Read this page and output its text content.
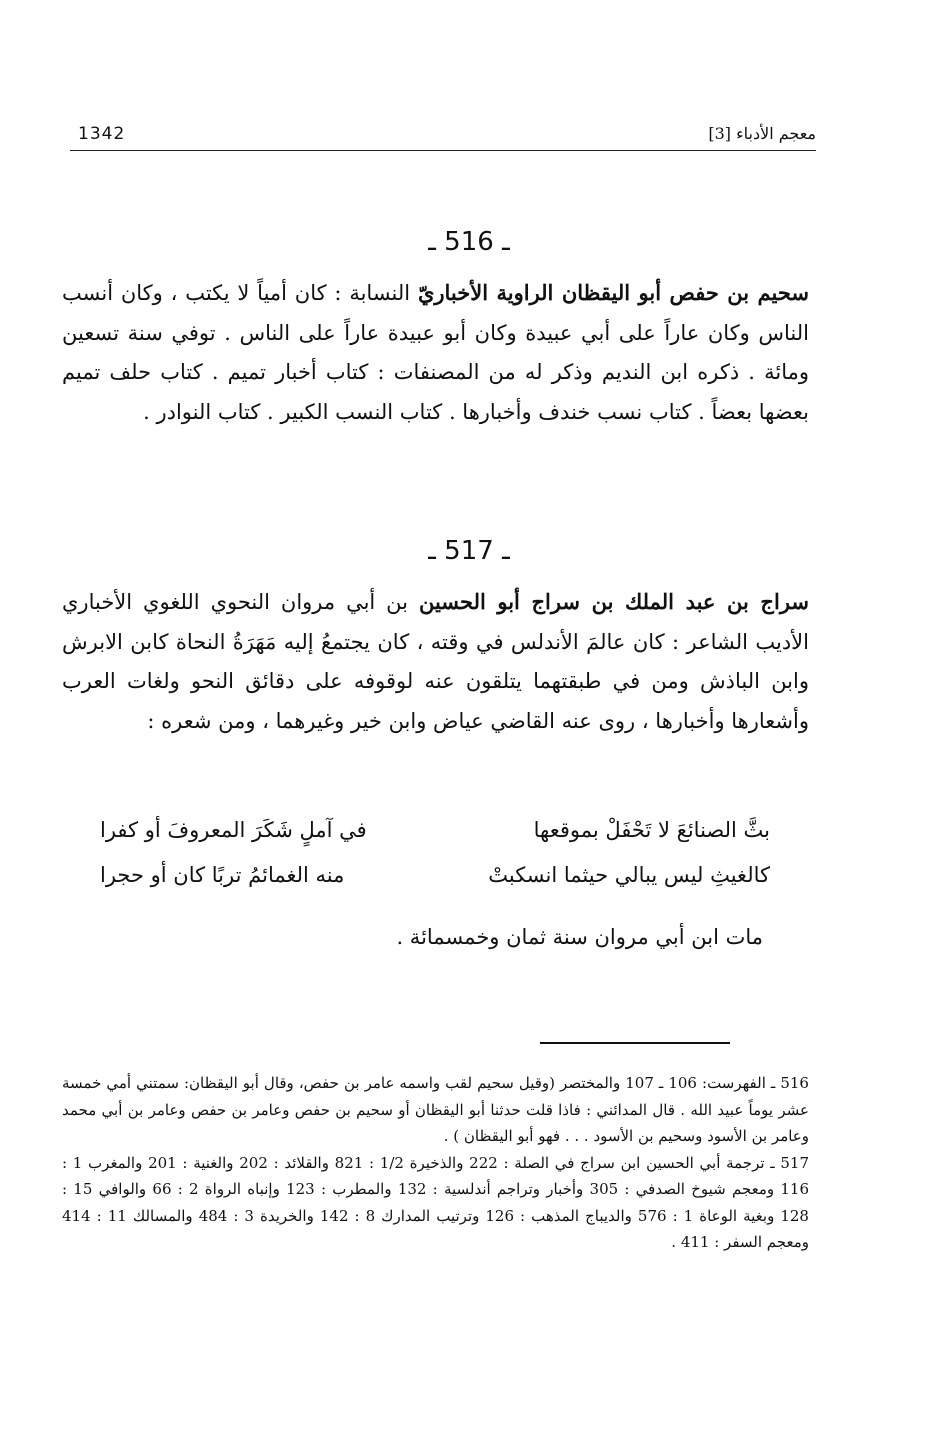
1342	معجم الأدباء [3]
ـ 516 ـ
سحيم بن حفص أبو اليقظان الراوية الأخباريّ النسابة : كان أمياً لا يكتب ، وكان أنسب الناس وكان عاراً على أبي عبيدة وكان أبو عبيدة عاراً على الناس . توفي سنة تسعين ومائة . ذكره ابن النديم وذكر له من المصنفات : كتاب أخبار تميم . كتاب حلف تميم بعضها بعضاً . كتاب نسب خندف وأخبارها . كتاب النسب الكبير . كتاب النوادر .
ـ 517 ـ
سراج بن عبد الملك بن سراج أبو الحسين بن أبي مروان النحوي اللغوي الأخباري الأديب الشاعر : كان عالمَ الأندلس في وقته ، كان يجتمعُ إليه مَهَرَةُ النحاة كابن الابرش وابن الباذش ومن في طبقتهما يتلقون عنه لوقوفه على دقائق النحو ولغات العرب وأشعارها وأخبارها ، روى عنه القاضي عياض وابن خير وغيرهما ، ومن شعره :
بثَّ الصنائعَ لا تَحْفَلْ بموقعها
في آملٍ شَكَرَ المعروفَ أو كفرا
كالغيثِ ليس يبالي حيثما انسكبتْ
منه الغمائمُ تربًا كان أو حجرا
مات ابن أبي مروان سنة ثمان وخمسمائة .

516 ـ الفهرست: 106 ـ 107 والمختصر (وقيل سحيم لقب واسمه عامر بن حفص، وقال أبو اليقظان: سمتني أمي خمسة عشر يوماً عبيد الله . قال المدائني : فاذا قلت حدثنا أبو اليقظان أو سحيم بن حفص وعامر بن حفص وعامر بن أبي محمد وعامر بن الأسود وسحيم بن الأسود . . . فهو أبو اليقظان ) .

517 ـ ترجمة أبي الحسين ابن سراج في الصلة : 222 والذخيرة 1/2 : 821 والقلائد : 202 والغنية : 201 والمغرب 1 : 116 ومعجم شيوخ الصدفي : 305 وأخبار وتراجم أندلسية : 132 والمطرب : 123 وإنباه الرواة 2 : 66 والوافي 15 : 128 وبغية الوعاة 1 : 576 والديباج المذهب : 126 وترتيب المدارك 8 : 142 والخريدة 3 : 484 والمسالك 11 : 414 ومعجم السفر : 411 .
